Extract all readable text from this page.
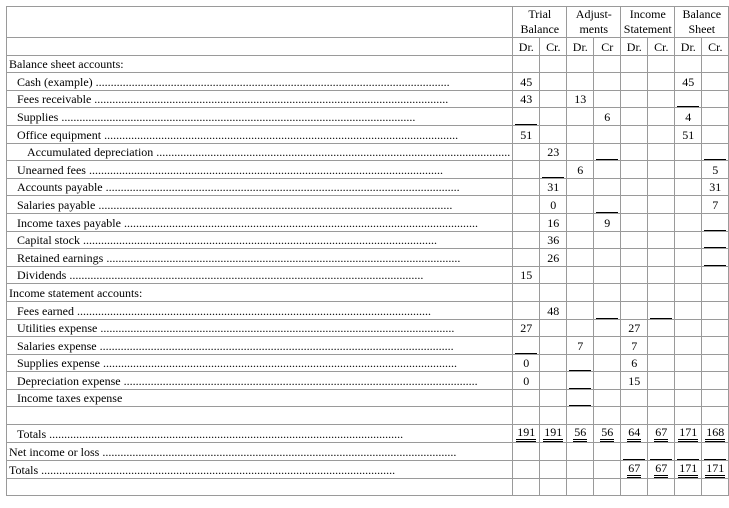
	Trial
Balance		Adjust-
ments		Income
Statement		Balance
Sheet	
	Dr.	Cr.	Dr.	Cr	Dr.	Cr.	Dr.	Cr.
Balance sheet accounts:								

Cash (example) .....	45						45	

Fees receivable .....	43		13					

Supplies .....				6			4	

Office equipment .....	51						51	

Accumulated depreciation .....		23						

Unearned fees .....			6					5

Accounts payable .....		31						31

Salaries payable .....		0						7

Income taxes payable .....		16		9				

Capital stock .....		36						

Retained earnings .....		26						

Dividends .....	15							
Income statement accounts:								

Fees earned .....		48						

Utilities expense .....	27				27			

Salaries expense .....			7		7			

Supplies expense .....	0				6			

Depreciation expense .....	0				15			
Income taxes expense								

Totals .....	191	191	56	56	64	67	171	168

Net income or loss .....

Totals .....					67	67	171	171
